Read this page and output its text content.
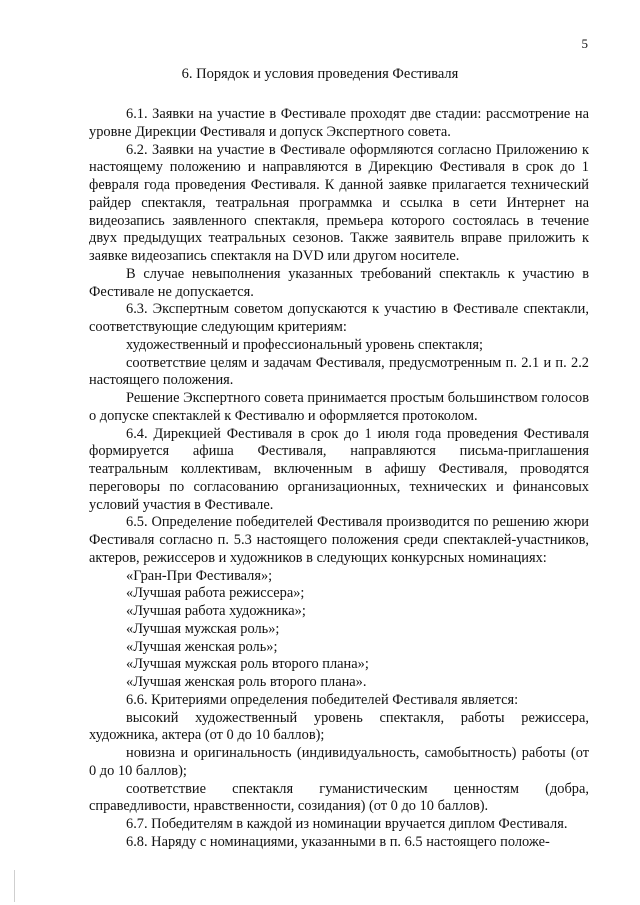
5
6. Порядок и условия проведения Фестиваля

6.1. Заявки на участие в Фестивале проходят две стадии: рассмотрение на уровне Дирекции Фестиваля и допуск Экспертного совета.

6.2. Заявки на участие в Фестивале оформляются согласно Приложению к настоящему положению и направляются в Дирекцию Фестиваля в срок до 1 февраля года проведения Фестиваля. К данной заявке прилагается технический райдер спектакля, театральная программка и ссылка в сети Интернет на видеозапись заявленного спектакля, премьера которого состоялась в течение двух предыдущих театральных сезонов. Также заявитель вправе приложить к заявке видеозапись спектакля на DVD или другом носителе.

В случае невыполнения указанных требований спектакль к участию в Фестивале не допускается.

6.3. Экспертным советом допускаются к участию в Фестивале спектакли, соответствующие следующим критериям:

художественный и профессиональный уровень спектакля;

соответствие целям и задачам Фестиваля, предусмотренным п. 2.1 и п. 2.2 настоящего положения.

Решение Экспертного совета принимается простым большинством голосов о допуске спектаклей к Фестивалю и оформляется протоколом.

6.4. Дирекцией Фестиваля в срок до 1 июля года проведения Фестиваля формируется афиша Фестиваля, направляются письма-приглашения театральным коллективам, включенным в афишу Фестиваля, проводятся переговоры по согласованию организационных, технических и финансовых условий участия в Фестивале.

6.5. Определение победителей Фестиваля производится по решению жюри Фестиваля согласно п. 5.3 настоящего положения среди спектаклей-участников, актеров, режиссеров и художников в следующих конкурсных номинациях:

«Гран-При Фестиваля»;

«Лучшая работа режиссера»;

«Лучшая работа художника»;

«Лучшая мужская роль»;

«Лучшая женская роль»;

«Лучшая мужская роль второго плана»;

«Лучшая женская роль второго плана».

6.6. Критериями определения победителей Фестиваля является:

высокий художественный уровень спектакля, работы режиссера, художника, актера (от 0 до 10 баллов);

новизна и оригинальность (индивидуальность, самобытность) работы (от 0 до 10 баллов);

соответствие спектакля гуманистическим ценностям (добра, справедливости, нравственности, созидания) (от 0 до 10 баллов).

6.7. Победителям в каждой из номинации вручается диплом Фестиваля.

6.8. Наряду с номинациями, указанными в п. 6.5 настоящего положе-
